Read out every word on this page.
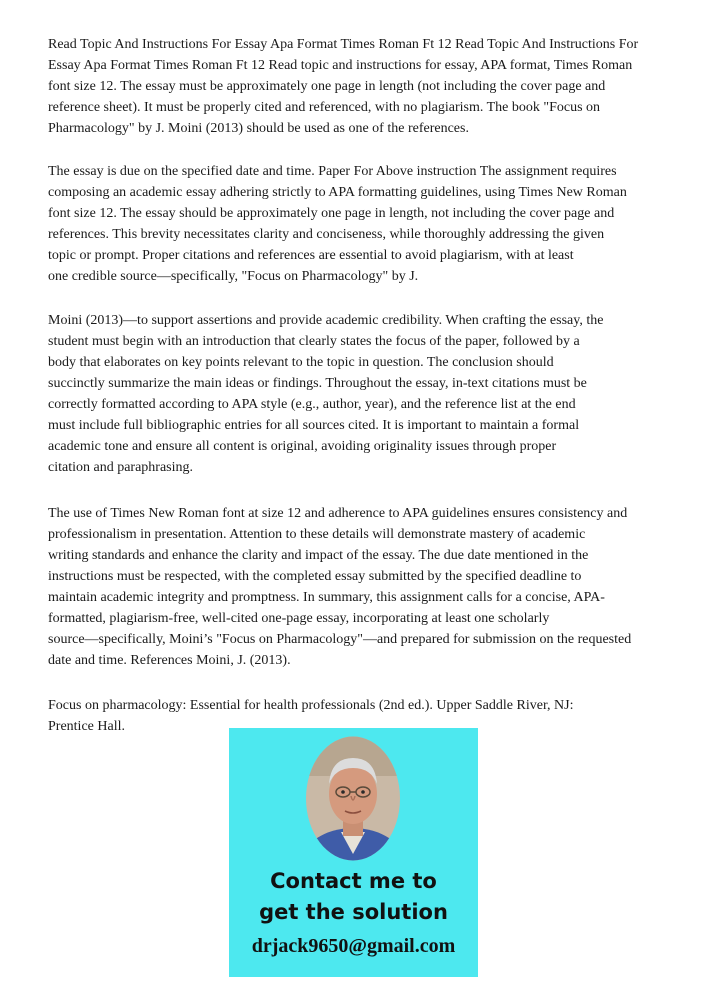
Read Topic And Instructions For Essay Apa Format Times Roman Ft 12 Read Topic And Instructions For

Essay Apa Format Times Roman Ft 12 Read topic and instructions for essay, APA format, Times Roman

font size 12. The essay must be approximately one page in length (not including the cover page and

reference sheet). It must be properly cited and referenced, with no plagiarism. The book "Focus on

Pharmacology" by J. Moini (2013) should be used as one of the references.

The essay is due on the specified date and time. Paper For Above instruction The assignment requires

composing an academic essay adhering strictly to APA formatting guidelines, using Times New Roman

font size 12. The essay should be approximately one page in length, not including the cover page and

references. This brevity necessitates clarity and conciseness, while thoroughly addressing the given

topic or prompt. Proper citations and references are essential to avoid plagiarism, with at least

one credible source—specifically, "Focus on Pharmacology" by J.

Moini (2013)—to support assertions and provide academic credibility. When crafting the essay, the

student must begin with an introduction that clearly states the focus of the paper, followed by a

body that elaborates on key points relevant to the topic in question. The conclusion should

succinctly summarize the main ideas or findings. Throughout the essay, in-text citations must be

correctly formatted according to APA style (e.g., author, year), and the reference list at the end

must include full bibliographic entries for all sources cited. It is important to maintain a formal

academic tone and ensure all content is original, avoiding originality issues through proper

citation and paraphrasing.

The use of Times New Roman font at size 12 and adherence to APA guidelines ensures consistency and

professionalism in presentation. Attention to these details will demonstrate mastery of academic

writing standards and enhance the clarity and impact of the essay. The due date mentioned in the

instructions must be respected, with the completed essay submitted by the specified deadline to

maintain academic integrity and promptness. In summary, this assignment calls for a concise, APA-

formatted, plagiarism-free, well-cited one-page essay, incorporating at least one scholarly

source—specifically, Moini’s "Focus on Pharmacology"—and prepared for submission on the requested

date and time. References Moini, J. (2013).

Focus on pharmacology: Essential for health professionals (2nd ed.). Upper Saddle River, NJ:

Prentice Hall.

Contact me to

get the solution

drjack9650@gmail.com
